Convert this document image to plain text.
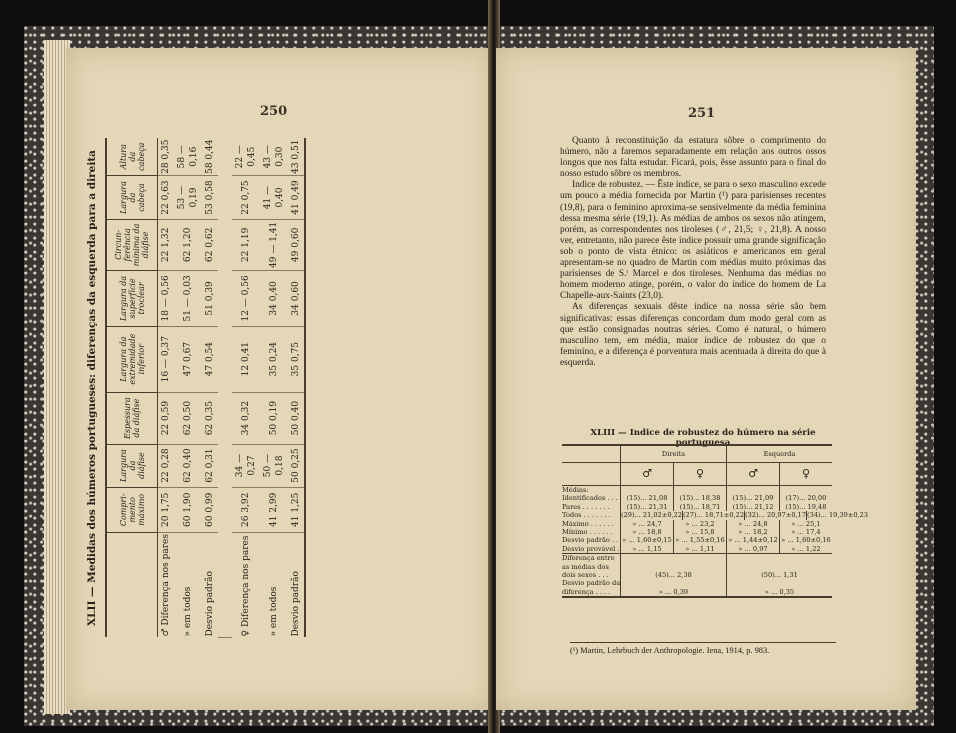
250
XLII — Medidas dos húmeros portugueses: diferenças da esquerda para a direita
		Compri- mento máximo	Largura da diáfise	Espessura da diáfise	Largura da extremidade inferior	Largura da superfície troclear	Circun- ferência mínima da diáfise	Largura da cabeça	Altura da cabeça
♂ Diferença nos pares	20 1,75	22 0,28	22 0,59	16 — 0,37	18 — 0,56	22 1,32	22 0,63	28 0,35
» em todos	60 1,90	62 0,40	62 0,50	47 0,67	51 — 0,03	62 1,20	53 — 0,19	58 — 0,16
Desvio padrão	60 0,99	62 0,31	62 0,35	47 0,54	51 0,39	62 0,62	53 0,58	58 0,44

♀ Diferença nos pares	26 3,92	34 — 0,27	34 0,32	12 0,41	12 — 0,56	22 1,19	22 0,75	22 — 0,45
» em todos	41 2,99	50 — 0,18	50 0,19	35 0,24	34 0,40	49 — 1,41	41 — 0,40	43 — 0,30
Desvio padrão	41 1,25	50 0,25	50 0,40	35 0,75	34 0,60	49 0,60	41 0,49	43 0,51
251

Quanto à reconstituição da estatura sôbre o comprimento do húmero, não a faremos separadamente em relação aos outros ossos longos que nos falta estudar. Ficará, pois, êsse assunto para o final do nosso estudo sôbre os membros.

Indice de robustez. — Êste índice, se para o sexo masculino excede um pouco a média fornecida por Martin (¹) para parisienses recentes (19,8), para o feminino aproxima-se sensivelmente da média feminina dessa mesma série (19,1). As médias de ambos os sexos não atingem, porém, as correspondentes nos tiroleses (♂, 21,5; ♀, 21,8). A nosso ver, entretanto, não parece êste índice possuir uma grande significação sob o ponto de vista étnico: os asiáticos e americanos em geral apresentam-se no quadro de Martin com médias muito próximas das parisienses de S.ᵗ Marcel e dos tiroleses. Nenhuma das médias no homem moderno atinge, porém, o valor do índice do homem de La Chapelle-aux-Saints (23,0).

As diferenças sexuais dêste índice na nossa série são bem significativas: essas diferenças concordam dum modo geral com as que estão consignadas noutras séries. Como é natural, o húmero masculino tem, em média, maior índice de robustez do que o feminino, e a diferença é porventura mais acentuada à direita do que à esquerda.

XLIII — Indice de robustez do húmero na série portuguesa
Direita	Esquerda
♂	♀	♂	♀
Médias:
Identificados . . .	(15)... 21,08	(15)... 18,38	(15)... 21,09	(17)... 20,00
Pares . . . . . . .	(15)... 21,31	(15)... 18,71	(15)... 21,12	(15)... 19,48
Todos . . . . . . .	(29)... 21,02±0,22 (27)... 18,71±0,22 (32)... 20,97±0,17 (34)... 19,39±0,23
Máximo . . . . . .	» ... 24,7	» ... 23,2	» ... 24,8	» ... 25,1
Mínimo . . . . . .	» ... 18,8	» ... 15,8	» ... 18,2	» ... 17,4
Desvio padrão . . » ... 1,60±0,15 » ... 1,55±0,16 » ... 1,44±0,12 » ... 1,60±0,16
Desvio provável .	» ... 1,15	» ... 1,11	» ... 0,97	» ... 1,22
Diferença entre
as médias dos
dois sexos . . .	(45)... 2,38	(50)... 1,31
Desvio padrão da
diferença . . . .	» ... 0,39	» ... 0,35
(¹) Martin, Lehrbuch der Anthropologie. Iena, 1914, p. 983.
